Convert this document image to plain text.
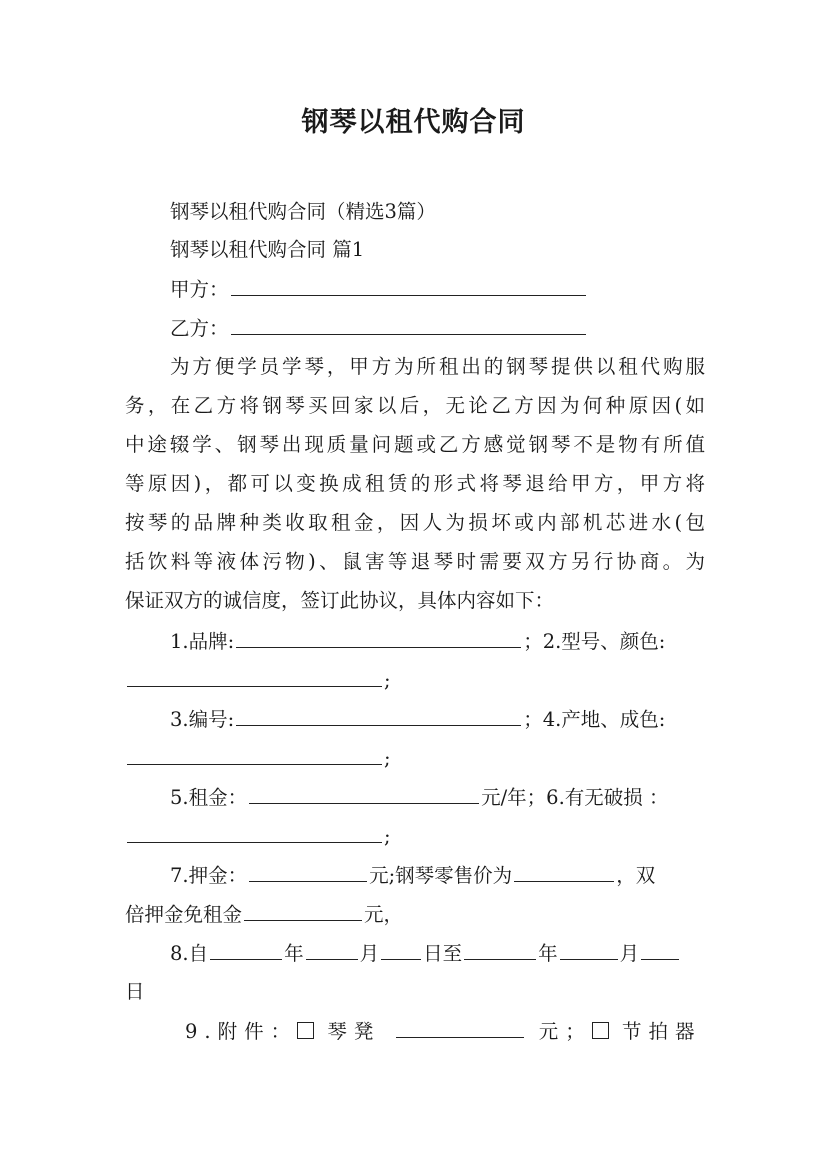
钢琴以租代购合同
钢琴以租代购合同（精选3篇）
钢琴以租代购合同 篇1
甲方：
乙方：
为方便学员学琴，甲方为所租出的钢琴提供以租代购服
务，在乙方将钢琴买回家以后，无论乙方因为何种原因(如
中途辍学、钢琴出现质量问题或乙方感觉钢琴不是物有所值
等原因)，都可以变换成租赁的形式将琴退给甲方，甲方将
按琴的品牌种类收取租金，因人为损坏或内部机芯进水(包
括饮料等液体污物)、鼠害等退琴时需要双方另行协商。为
保证双方的诚信度，签订此协议，具体内容如下：
1.品牌:	；2.型号、颜色:
;
3.编号:	；4.产地、成色:
;
5.租金：	元/年；6.有无破损 ：
;
7.押金：	元;钢琴零售价为	，双
倍押金免租金	元，
8.自	年	月 日至	年	月
日
9.附件： 琴凳	元； 节拍器
